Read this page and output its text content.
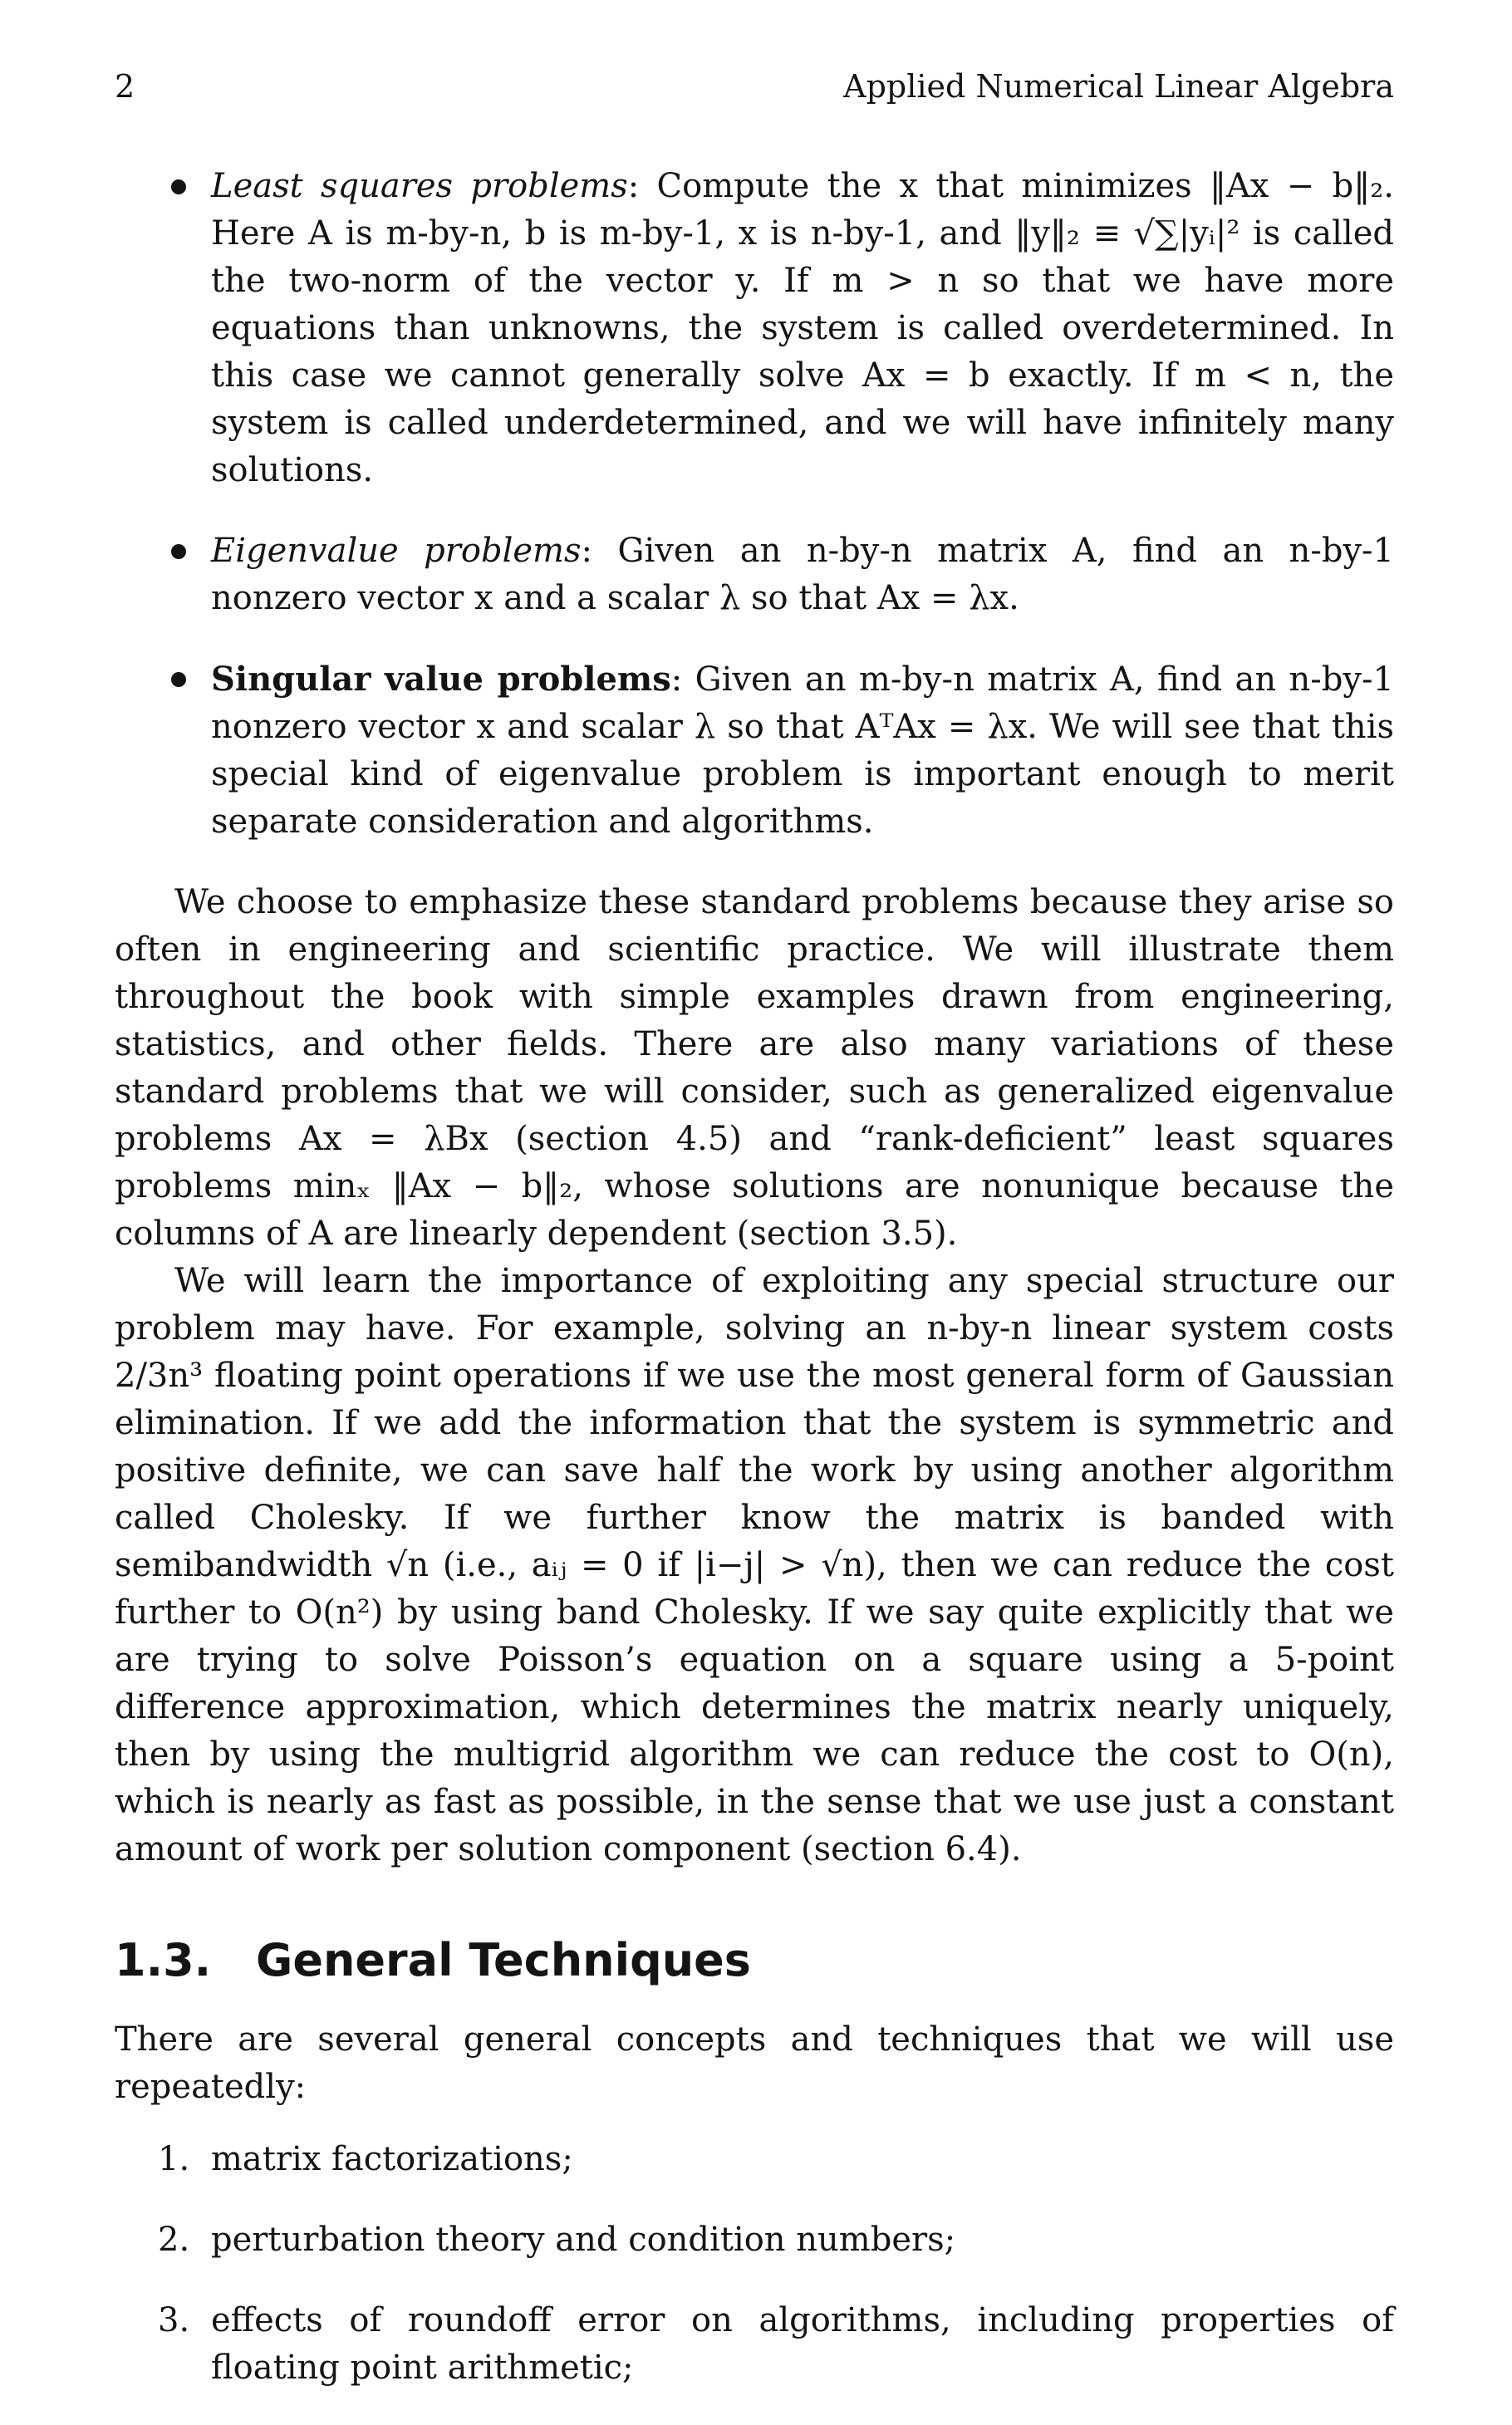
2	Applied Numerical Linear Algebra
Least squares problems: Compute the x that minimizes ‖Ax − b‖₂. Here A is m-by-n, b is m-by-1, x is n-by-1, and ‖y‖₂ ≡ √∑|yᵢ|² is called the two-norm of the vector y. If m > n so that we have more equations than unknowns, the system is called overdetermined. In this case we cannot generally solve Ax = b exactly. If m < n, the system is called underdetermined, and we will have infinitely many solutions.
Eigenvalue problems: Given an n-by-n matrix A, find an n-by-1 nonzero vector x and a scalar λ so that Ax = λx.
Singular value problems: Given an m-by-n matrix A, find an n-by-1 nonzero vector x and scalar λ so that AᵀAx = λx. We will see that this special kind of eigenvalue problem is important enough to merit separate consideration and algorithms.

We choose to emphasize these standard problems because they arise so often in engineering and scientific practice. We will illustrate them throughout the book with simple examples drawn from engineering, statistics, and other fields. There are also many variations of these standard problems that we will consider, such as generalized eigenvalue problems Ax = λBx (section 4.5) and “rank-deficient” least squares problems minₓ ‖Ax − b‖₂, whose solutions are nonunique because the columns of A are linearly dependent (section 3.5).

We will learn the importance of exploiting any special structure our problem may have. For example, solving an n-by-n linear system costs 2/3n³ floating point operations if we use the most general form of Gaussian elimination. If we add the information that the system is symmetric and positive definite, we can save half the work by using another algorithm called Cholesky. If we further know the matrix is banded with semibandwidth √n (i.e., aᵢⱼ = 0 if |i−j| > √n), then we can reduce the cost further to O(n²) by using band Cholesky. If we say quite explicitly that we are trying to solve Poisson’s equation on a square using a 5-point difference approximation, which determines the matrix nearly uniquely, then by using the multigrid algorithm we can reduce the cost to O(n), which is nearly as fast as possible, in the sense that we use just a constant amount of work per solution component (section 6.4).

1.3. General Techniques

There are several general concepts and techniques that we will use repeatedly:

1. matrix factorizations;
2. perturbation theory and condition numbers;
3. effects of roundoff error on algorithms, including properties of floating point arithmetic;
